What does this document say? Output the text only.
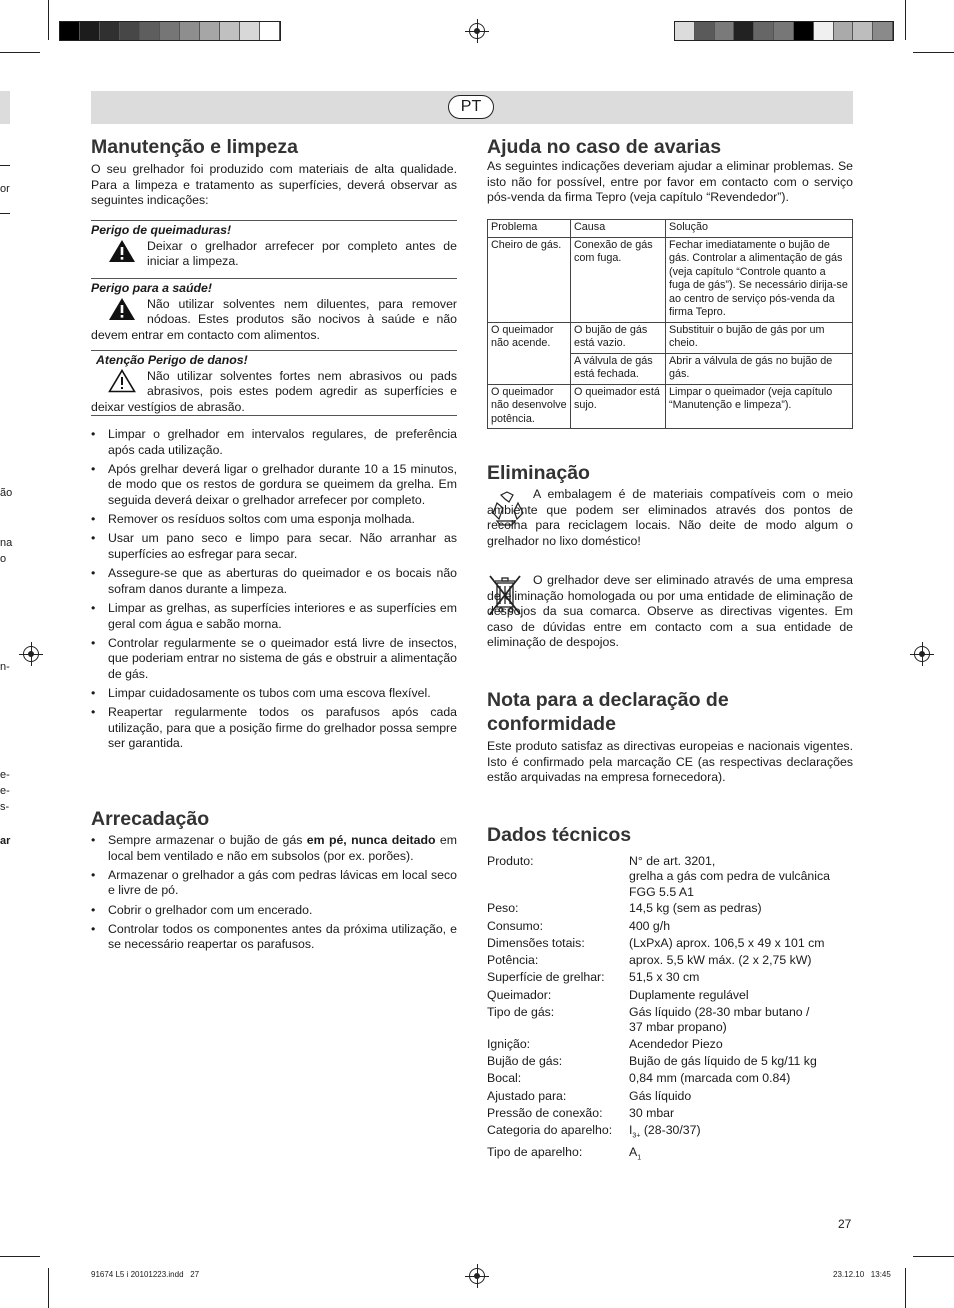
or
ão
na
o
n-
e-
e-
s-
ar
PT
Manutenção e limpeza
O seu grelhador foi produzido com materiais de alta qualidade. Para a limpeza e tratamento as superfícies, deverá observar as seguintes indicações:
Perigo de queimaduras!
Deixar o grelhador arrefecer por completo antes de iniciar a limpeza.
Perigo para a saúde!
Não utilizar solventes nem diluentes, para remover nódoas. Estes produtos são nocivos à saúde e não devem entrar em contacto com alimentos.
Atenção Perigo de danos!
Não utilizar solventes fortes nem abrasivos ou pads abrasivos, pois estes podem agredir as superfícies e deixar vestígios de abrasão.
• Limpar o grelhador em intervalos regulares, de preferência após cada utilização.
• Após grelhar deverá ligar o grelhador durante 10 a 15 minutos, de modo que os restos de gordura se queimem da grelha. Em seguida deverá deixar o grelhador arrefecer por completo.
• Remover os resíduos soltos com uma esponja molhada.
• Usar um pano seco e limpo para secar. Não arranhar as superfícies ao esfregar para secar.
• Assegure-se que as aberturas do queimador e os bocais não sofram danos durante a limpeza.
• Limpar as grelhas, as superfícies interiores e as superfícies em geral com água e sabão morna.
• Controlar regularmente se o queimador está livre de insectos, que poderiam entrar no sistema de gás e obstruir a alimentação de gás.
• Limpar cuidadosamente os tubos com uma escova flexível.
• Reapertar regularmente todos os parafusos após cada utilização, para que a posição firme do grelhador possa sempre ser garantida.
Arrecadação
• Sempre armazenar o bujão de gás em pé, nunca deitado em local bem ventilado e não em subsolos (por ex. porões).
• Armazenar o grelhador a gás com pedras lávicas em local seco e livre de pó.
• Cobrir o grelhador com um encerado.
• Controlar todos os componentes antes da próxima utilização, e se necessário reapertar os parafusos.
Ajuda no caso de avarias
As seguintes indicações deveriam ajudar a eliminar problemas. Se isto não for possível, entre por favor em contacto com o serviço pós-venda da firma Tepro (veja capítulo “Revendedor”).
Problema	Causa	Solução
Cheiro de gás.	Conexão de gás com fuga.	Fechar imediatamente o bujão de gás. Controlar a alimentação de gás (veja capítulo “Controle quanto a fuga de gás”). Se necessário dirija-se ao centro de serviço pós-venda da firma Tepro.
O queimador não acende.	O bujão de gás está vazio.	Substituir o bujão de gás por um cheio.
	A válvula de gás está fechada.	Abrir a válvula de gás no bujão de gás.
O queimador não desenvolve potência.	O queimador está sujo.	Limpar o queimador (veja capítulo “Manutenção e limpeza”).
Eliminação
A embalagem é de materiais compatíveis com o meio ambiente que podem ser eliminados através dos pontos de recolha para reciclagem locais. Não deite de modo algum o grelhador no lixo doméstico!
O grelhador deve ser eliminado através de uma empresa de eliminação homologada ou por uma entidade de eliminação de despojos da sua comarca. Observe as directivas vigentes. Em caso de dúvidas entre em contacto com a sua entidade de eliminação de despojos.
Nota para a declaração de conformidade
Este produto satisfaz as directivas europeias e nacionais vigentes. Isto é confirmado pela marcação CE (as respectivas declarações estão arquivadas na empresa fornecedora).
Dados técnicos
Produto:	N° de art. 3201,
grelha a gás com pedra de vulcânica
FGG 5.5 A1
Peso:	14,5 kg (sem as pedras)
Consumo:	400 g/h
Dimensões totais:	(LxPxA) aprox. 106,5 x 49 x 101 cm
Potência:	aprox. 5,5 kW máx. (2 x 2,75 kW)
Superfície de grelhar:	51,5 x 30 cm
Queimador:	Duplamente regulável
Tipo de gás:	Gás líquido (28-30 mbar butano /
37 mbar propano)
Ignição:	Acendedor Piezo
Bujão de gás:	Bujão de gás líquido de 5 kg/11 kg
Bocal:	0,84 mm (marcada com 0.84)
Ajustado para:	Gás líquido
Pressão de conexão:	30 mbar
Categoria do aparelho:	$I_{3+}$ (28-30/37)
Tipo de aparelho:	$A_1$
27
91674 L5 i 20101223.indd   27	23.12.10   13:45
